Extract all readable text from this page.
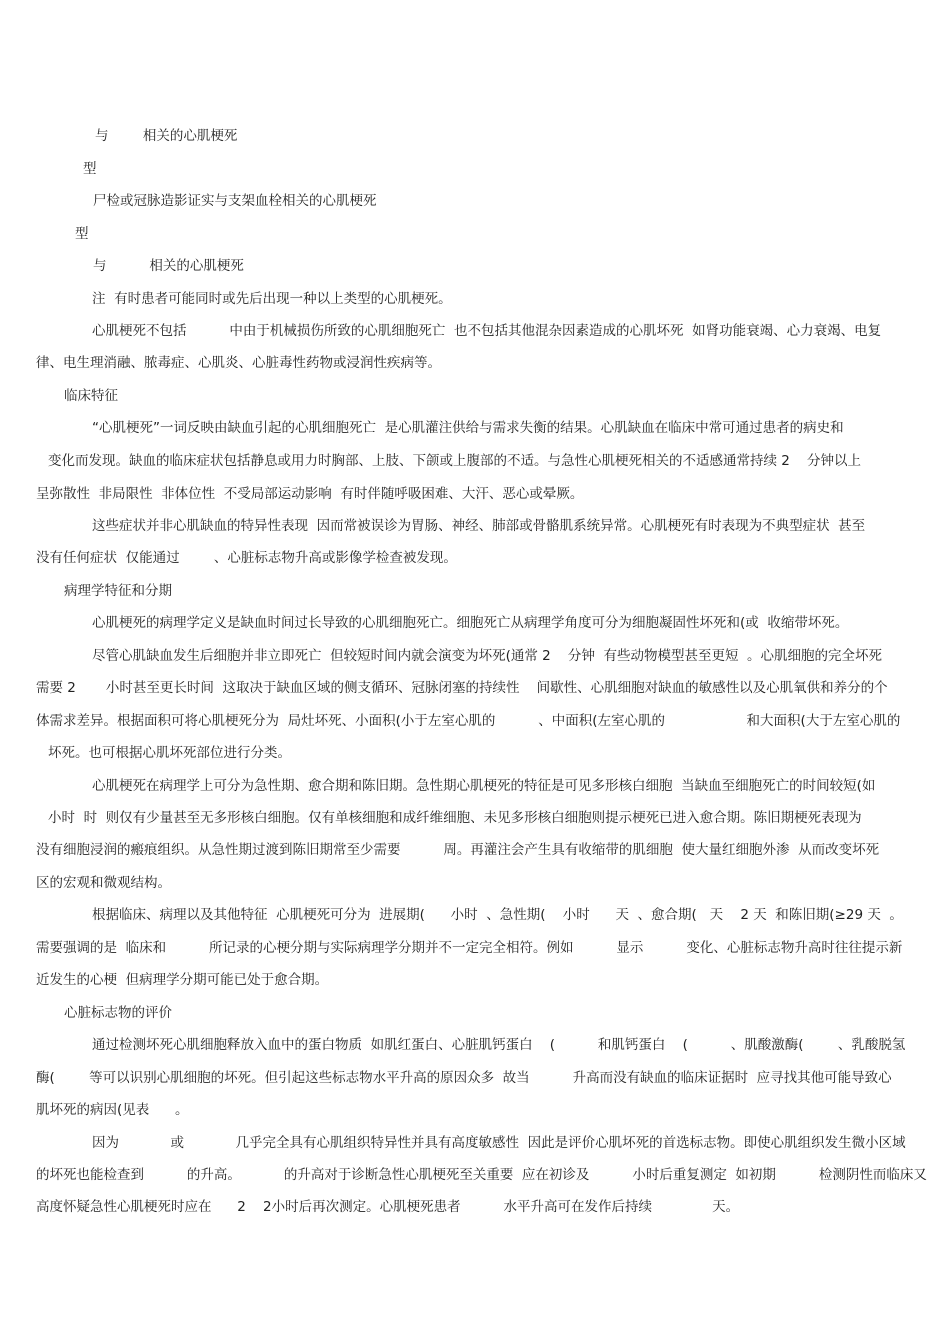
与        相关的心肌梗死
型
尸检或冠脉造影证实与支架血栓相关的心肌梗死
型
与          相关的心肌梗死
注  有时患者可能同时或先后出现一种以上类型的心肌梗死。
心肌梗死不包括          中由于机械损伤所致的心肌细胞死亡  也不包括其他混杂因素造成的心肌坏死  如肾功能衰竭、心力衰竭、电复
律、电生理消融、脓毒症、心肌炎、心脏毒性药物或浸润性疾病等。
临床特征
“心肌梗死”一词反映由缺血引起的心肌细胞死亡  是心肌灌注供给与需求失衡的结果。心肌缺血在临床中常可通过患者的病史和
变化而发现。缺血的临床症状包括静息或用力时胸部、上肢、下颌或上腹部的不适。与急性心肌梗死相关的不适感通常持续 2    分钟以上
呈弥散性  非局限性  非体位性  不受局部运动影响  有时伴随呼吸困难、大汗、恶心或晕厥。
这些症状并非心肌缺血的特异性表现  因而常被误诊为胃肠、神经、肺部或骨骼肌系统异常。心肌梗死有时表现为不典型症状  甚至
没有任何症状  仅能通过        、心脏标志物升高或影像学检查被发现。
病理学特征和分期
心肌梗死的病理学定义是缺血时间过长导致的心肌细胞死亡。细胞死亡从病理学角度可分为细胞凝固性坏死和(或  收缩带坏死。
尽管心肌缺血发生后细胞并非立即死亡  但较短时间内就会演变为坏死(通常 2    分钟  有些动物模型甚至更短  。心肌细胞的完全坏死
需要 2       小时甚至更长时间  这取决于缺血区域的侧支循环、冠脉闭塞的持续性    间歇性、心肌细胞对缺血的敏感性以及心肌氧供和养分的个
体需求差异。根据面积可将心肌梗死分为  局灶坏死、小面积(小于左室心肌的          、中面积(左室心肌的                   和大面积(大于左室心肌的
坏死。也可根据心肌坏死部位进行分类。
心肌梗死在病理学上可分为急性期、愈合期和陈旧期。急性期心肌梗死的特征是可见多形核白细胞  当缺血至细胞死亡的时间较短(如
小时  时  则仅有少量甚至无多形核白细胞。仅有单核细胞和成纤维细胞、未见多形核白细胞则提示梗死已进入愈合期。陈旧期梗死表现为
没有细胞浸润的瘢痕组织。从急性期过渡到陈旧期常至少需要          周。再灌注会产生具有收缩带的肌细胞  使大量红细胞外渗  从而改变坏死
区的宏观和微观结构。
根据临床、病理以及其他特征  心肌梗死可分为  进展期(      小时  、急性期(    小时      天  、愈合期(   天    2 天  和陈旧期(≥29 天  。
需要强调的是  临床和          所记录的心梗分期与实际病理学分期并不一定完全相符。例如          显示          变化、心脏标志物升高时往往提示新
近发生的心梗  但病理学分期可能已处于愈合期。
心脏标志物的评价
通过检测坏死心肌细胞释放入血中的蛋白物质  如肌红蛋白、心脏肌钙蛋白    (          和肌钙蛋白    (          、肌酸激酶(        、乳酸脱氢
酶(        等可以识别心肌细胞的坏死。但引起这些标志物水平升高的原因众多  故当          升高而没有缺血的临床证据时  应寻找其他可能导致心
肌坏死的病因(见表      。
因为            或            几乎完全具有心肌组织特异性并具有高度敏感性  因此是评价心肌坏死的首选标志物。即使心肌组织发生微小区域
的坏死也能检查到          的升高。          的升高对于诊断急性心肌梗死至关重要  应在初诊及          小时后重复测定  如初期          检测阴性而临床又
高度怀疑急性心肌梗死时应在      2    2小时后再次测定。心肌梗死患者          水平升高可在发作后持续              天。
